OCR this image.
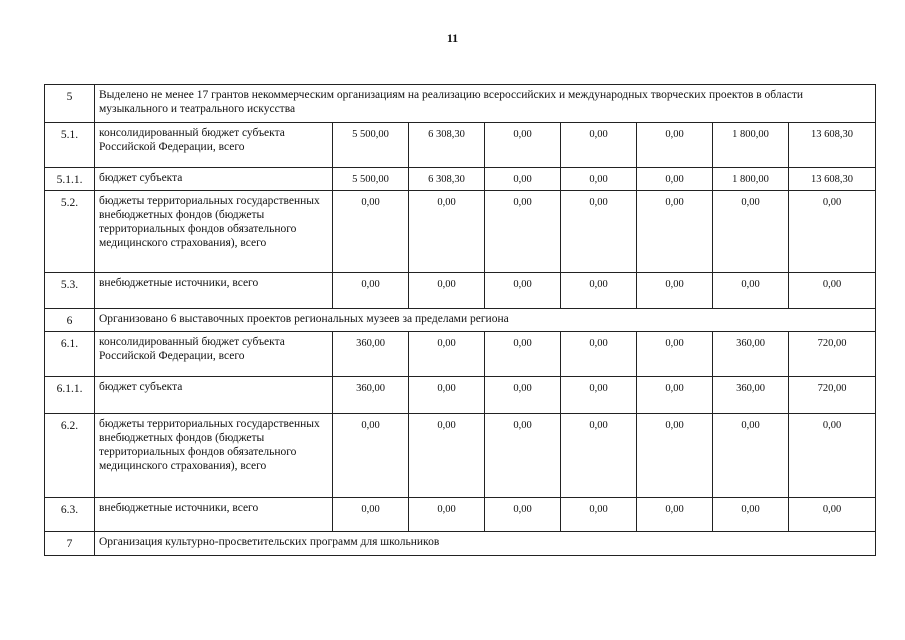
11
5	Выделено не менее 17 грантов некоммерческим организациям на реализацию всероссийских и международных творческих проектов в области музыкального и театрального искусства							
5.1.	консолидированный бюджет субъекта Российской Федерации, всего	5 500,00	6 308,30	0,00	0,00	0,00	1 800,00	13 608,30
5.1.1.	бюджет субъекта	5 500,00	6 308,30	0,00	0,00	0,00	1 800,00	13 608,30
5.2.	бюджеты территориальных государственных внебюджетных фондов (бюджеты территориальных фондов обязательного медицинского страхования), всего	0,00	0,00	0,00	0,00	0,00	0,00	0,00
5.3.	внебюджетные источники, всего	0,00	0,00	0,00	0,00	0,00	0,00	0,00
6	Организовано 6 выставочных проектов региональных музеев за пределами региона							
6.1.	консолидированный бюджет субъекта Российской Федерации, всего	360,00	0,00	0,00	0,00	0,00	360,00	720,00
6.1.1.	бюджет субъекта	360,00	0,00	0,00	0,00	0,00	360,00	720,00
6.2.	бюджеты территориальных государственных внебюджетных фондов (бюджеты территориальных фондов обязательного медицинского страхования), всего	0,00	0,00	0,00	0,00	0,00	0,00	0,00
6.3.	внебюджетные источники, всего	0,00	0,00	0,00	0,00	0,00	0,00	0,00
7	Организация культурно-просветительских программ для школьников							
